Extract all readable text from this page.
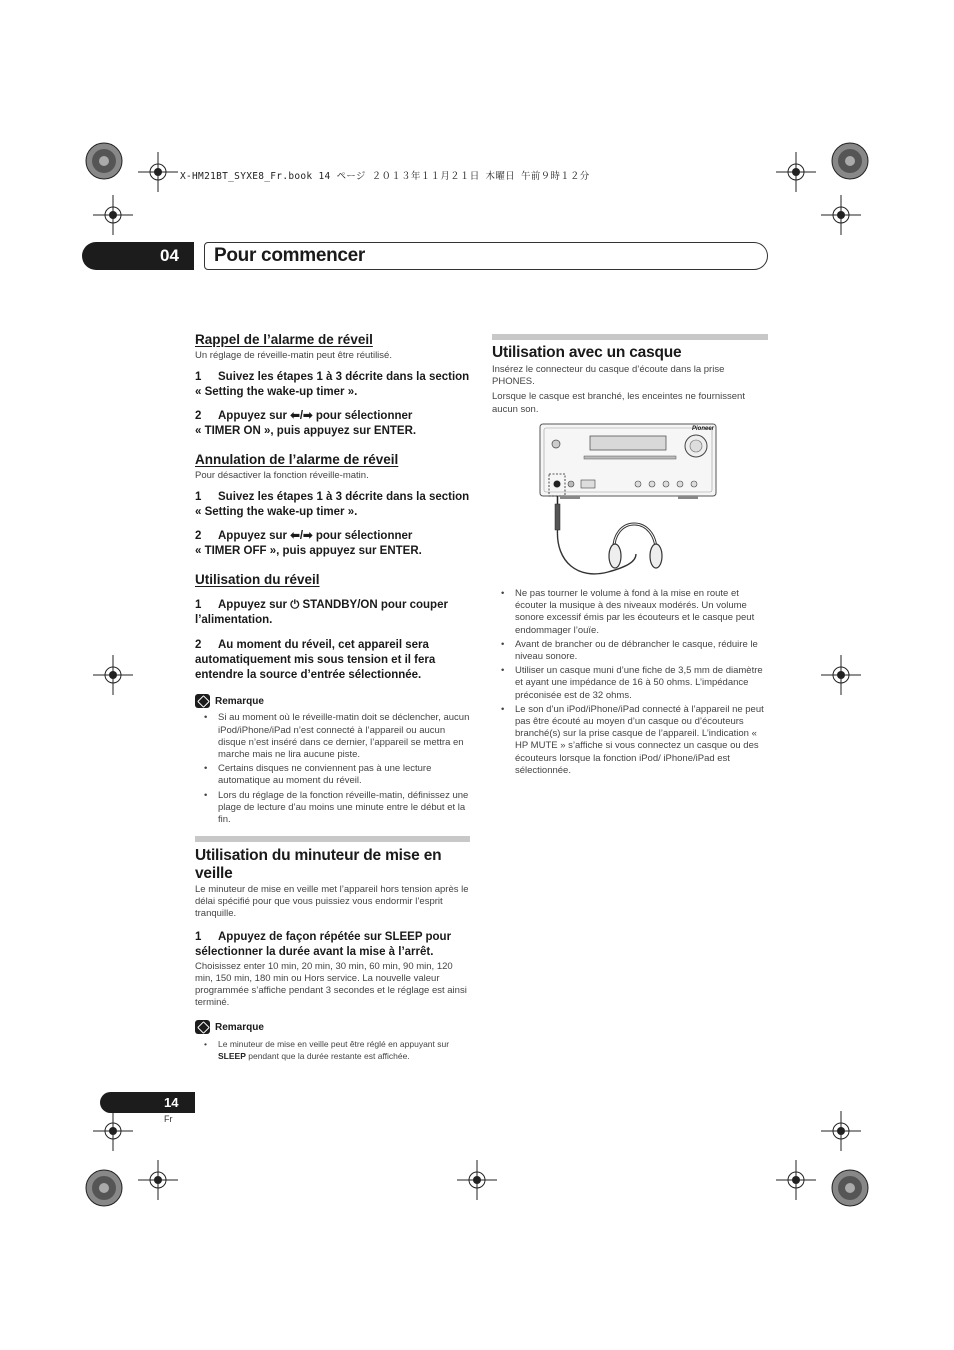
X-HM21BT_SYXE8_Fr.book 14 ページ ２０１３年１１月２１日 木曜日 午前９時１２分
04	Pour commencer
Rappel de l’alarme de réveil

Un réglage de réveille-matin peut être réutilisé.

1 Suivez les étapes 1 à 3 décrite dans la section
« Setting the wake-up timer ».

2 Appuyez sur ⬅/➡ pour sélectionner
« TIMER ON », puis appuyez sur ENTER.

Annulation de l’alarme de réveil

Pour désactiver la fonction réveille-matin.

1 Suivez les étapes 1 à 3 décrite dans la section
« Setting the wake-up timer ».

2 Appuyez sur ⬅/➡ pour sélectionner
« TIMER OFF », puis appuyez sur ENTER.

Utilisation du réveil

1 Appuyez sur ⏻ STANDBY/ON pour couper
l’alimentation.

2 Au moment du réveil, cet appareil sera
automatiquement mis sous tension et il fera
entendre la source d’entrée sélectionnée.

Remarque
• Si au moment où le réveille-matin doit se déclencher, aucun iPod/iPhone/iPad n’est connecté à l’appareil ou aucun disque n’est inséré dans ce dernier, l’appareil se mettra en marche mais ne lira aucune piste.
• Certains disques ne conviennent pas à une lecture automatique au moment du réveil.
• Lors du réglage de la fonction réveille-matin, définissez une plage de lecture d’au moins une minute entre le début et la fin.
Utilisation du minuteur de mise en
veille

Le minuteur de mise en veille met l’appareil hors tension après le délai spécifié pour que vous puissiez vous endormir l’esprit tranquille.

1 Appuyez de façon répétée sur SLEEP pour
sélectionner la durée avant la mise à l’arrêt.

Choisissez enter 10 min, 20 min, 30 min, 60 min, 90 min, 120 min, 150 min, 180 min ou Hors service. La nouvelle valeur programmée s’affiche pendant 3 secondes et le réglage est ainsi terminé.

Remarque
• Le minuteur de mise en veille peut être réglé en appuyant sur SLEEP pendant que la durée restante est affichée.
Utilisation avec un casque

Insérez le connecteur du casque d’écoute dans la prise PHONES.

Lorsque le casque est branché, les enceintes ne fournissent aucun son.

Pioneer
• Ne pas tourner le volume à fond à la mise en route et écouter la musique à des niveaux modérés. Un volume sonore excessif émis par les écouteurs et le casque peut endommager l’ouïe.
• Avant de brancher ou de débrancher le casque, réduire le niveau sonore.
• Utiliser un casque muni d’une fiche de 3,5 mm de diamètre et ayant une impédance de 16 à 50 ohms. L’impédance préconisée est de 32 ohms.
• Le son d’un iPod/iPhone/iPad connecté à l’appareil ne peut pas être écouté au moyen d’un casque ou d’écouteurs branché(s) sur la prise casque de l’appareil. L’indication « HP MUTE » s’affiche si vous connectez un casque ou des écouteurs lorsque la fonction iPod/ iPhone/iPad est sélectionnée.
14
Fr
